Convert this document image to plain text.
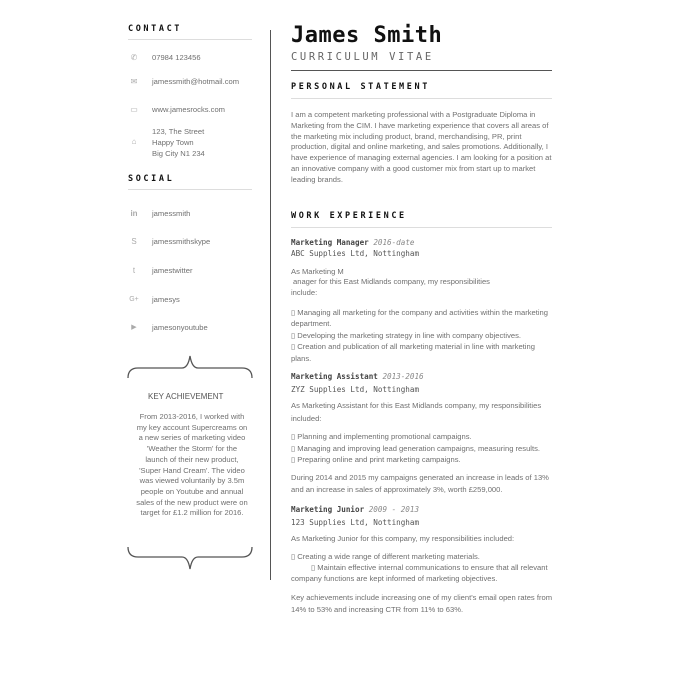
CONTACT
✆	07984 123456
✉	jamessmith@hotmail.com
▭ www.jamesrocks.com
⌂
123, The Street
Happy Town
Big City N1 234
SOCIAL
in	jamessmith
S	jamessmithskype
t	jamestwitter
G+ jamesys
▶	jamesonyoutube
KEY ACHIEVEMENT
From 2013-2016, I worked with my key account Supercreams on a new series of marketing video 'Weather the Storm' for the launch of their new product, 'Super Hand Cream'. The video was viewed voluntarily by 3.5m people on Youtube and annual sales of the new product were on target for £1.2 million for 2016.
James Smith
CURRICULUM VITAE
PERSONAL STATEMENT
I am a competent marketing professional with a Postgraduate Diploma in Marketing from the CIM. I have marketing experience that covers all areas of the marketing mix including product, brand, merchandising, PR, print production, digital and online marketing, and sales promotions. Additionally, I have experience of managing external agencies. I am looking for a position at an innovative company with a good customer mix from start up to market leading brands.
WORK EXPERIENCE
Marketing Manager 2016-date
ABC Supplies Ltd, Nottingham
As Marketing M
anager for this East Midlands company, my responsibilities
include:
▯ Managing all marketing for the company and activities within the marketing department.
▯ Developing the marketing strategy in line with company objectives.
▯ Creation and publication of all marketing material in line with marketing plans.
Marketing Assistant 2013-2016
ZYZ Supplies Ltd, Nottingham
As Marketing Assistant for this East Midlands company, my responsibilities included:
▯ Planning and implementing promotional campaigns.
▯ Managing and improving lead generation campaigns, measuring results.
▯ Preparing online and print marketing campaigns.
During 2014 and 2015 my campaigns generated an increase in leads of 13% and an increase in sales of approximately 3%, worth £259,000.
Marketing Junior 2009 - 2013
123 Supplies Ltd, Nottingham
As Marketing Junior for this company, my responsibilities included:
▯ Creating a wide range of different marketing materials.
▯ Maintain effective internal communications to ensure that all relevant
company functions are kept informed of marketing objectives.
Key achievements include increasing one of my client's email open rates from 14% to 53% and increasing CTR from 11% to 63%.
